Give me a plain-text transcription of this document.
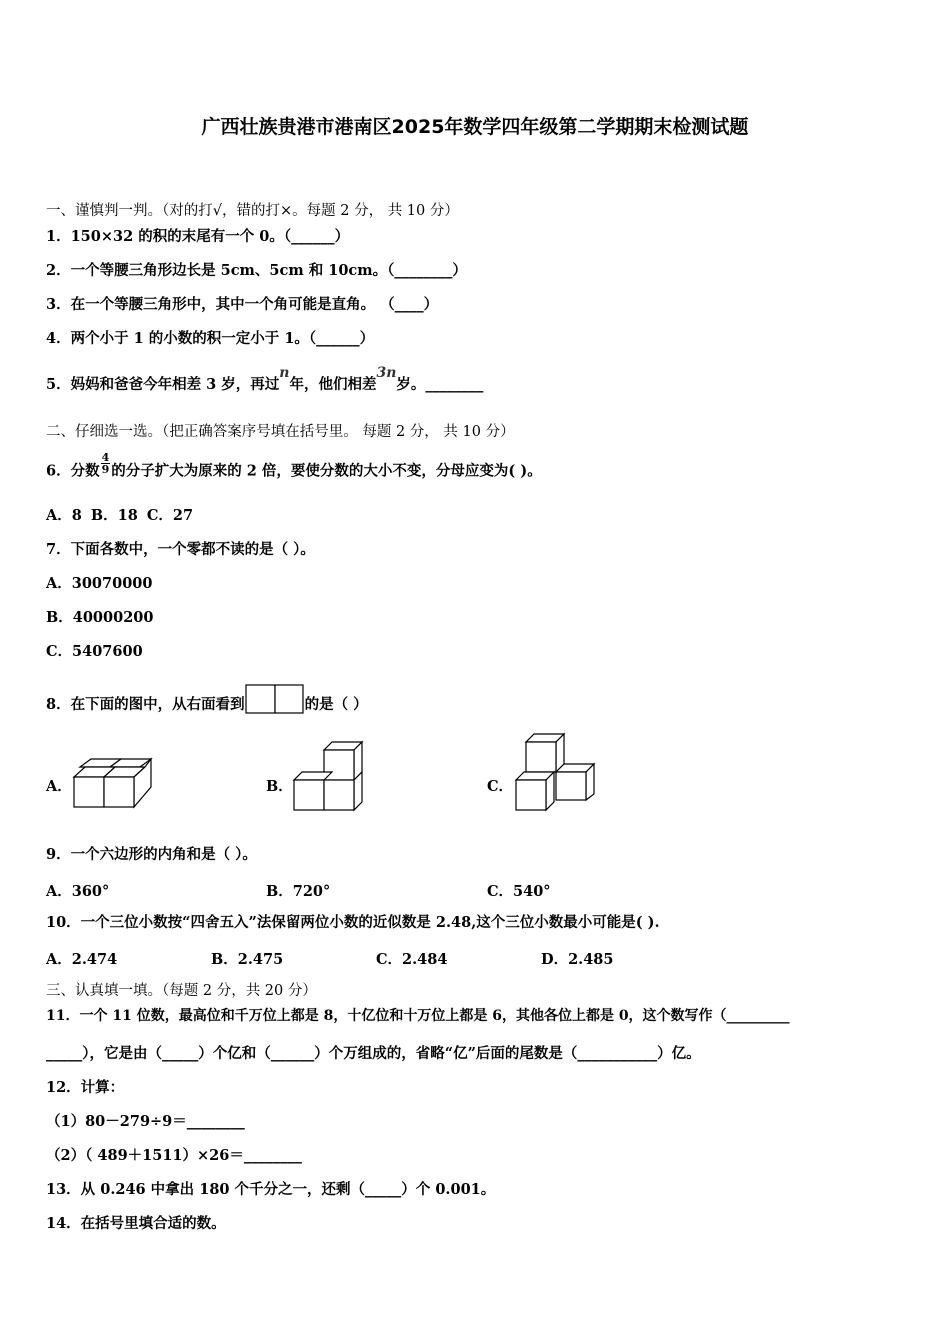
广西壮族贵港市港南区2025年数学四年级第二学期期末检测试题
一、谨慎判一判。（对的打√，错的打×。每题 2 分， 共 10 分）
1．150×32 的积的末尾有一个 0。（______）
2．一个等腰三角形边长是 5cm、5cm 和 10cm。（________）
3．在一个等腰三角形中，其中一个角可能是直角。 （____）
4．两个小于 1 的小数的积一定小于 1。（______）
5．妈妈和爸爸今年相差 3 岁，再过n年，他们相差3n岁。________
二、仔细选一选。（把正确答案序号填在括号里。 每题 2 分， 共 10 分）
6．分数 $\frac{4}{9}$ 的分子扩大为原来的 2 倍，要使分数的大小不变，分母应变为( )。
A．8 B．18 C．27
7．下面各数中，一个零都不读的是（ ）。
A．30070000
B．40000200
C．5407600
8．在下面的图中，从右面看到	的是（ ）
A．	B．	C．
9．一个六边形的内角和是（ ）。
A．360°	B．720°	C．540°
10．一个三位小数按“四舍五入”法保留两位小数的近似数是 2.48,这个三位小数最小可能是( ).
A．2.474	B．2.475	C．2.484	D．2.485
三、认真填一填。（每题 2 分，共 20 分）
11．一个 11 位数，最高位和千万位上都是 8，十亿位和十万位上都是 6，其他各位上都是 0，这个数写作（_________
_____），它是由（_____）个亿和（______）个万组成的，省略“亿”后面的尾数是（___________）亿。
12．计算：
（1）80－279÷9＝________
（2）（ 489＋1511）×26＝________
13．从 0.246 中拿出 180 个千分之一，还剩（_____）个 0.001。
14．在括号里填合适的数。
